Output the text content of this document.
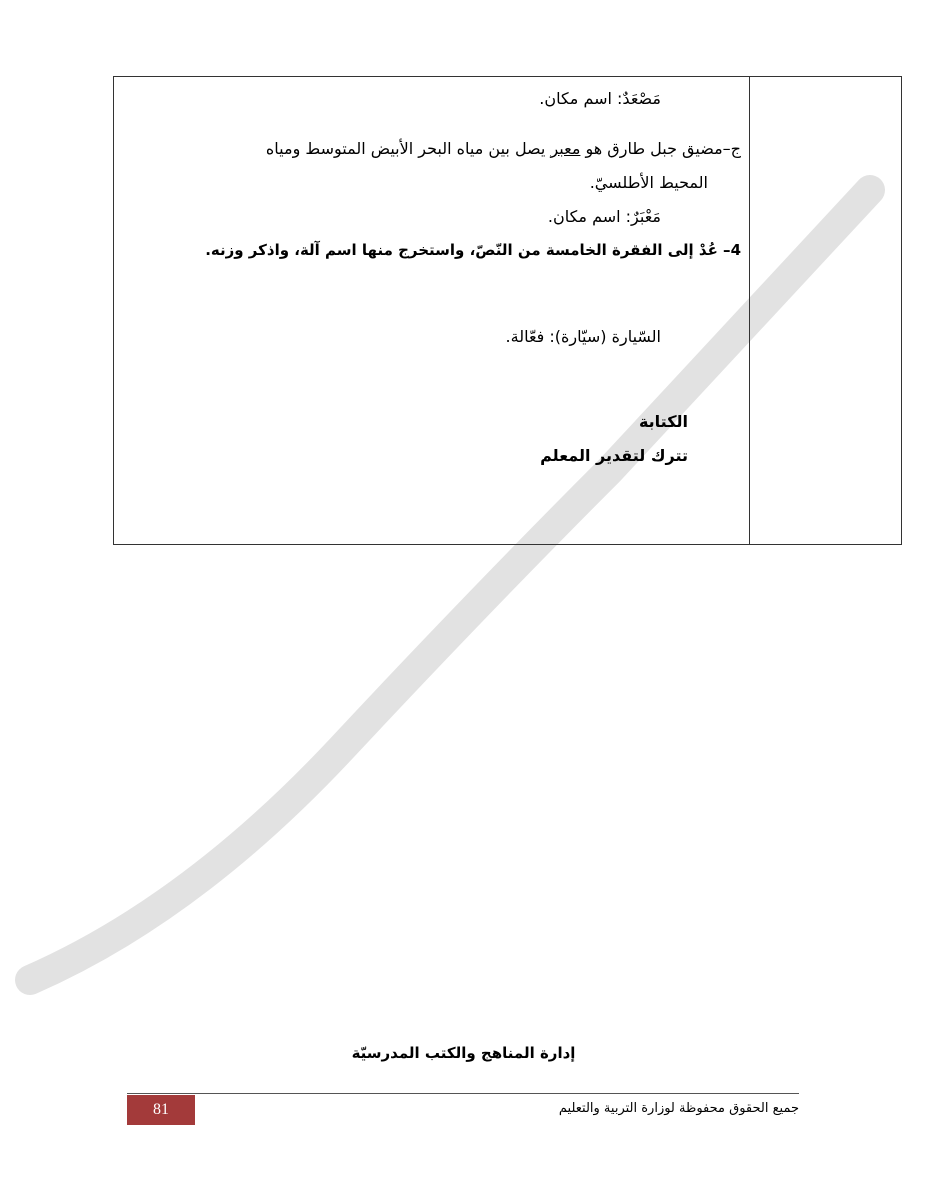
مَصْعَدٌ: اسم مكان.
ج–مضيق جبل طارق هو معبر يصل بين مياه البحر الأبيض المتوسط ومياه
المحيط الأطلسيّ.
مَعْبَرٌ: اسم مكان.
4– عُدْ إلى الفقرة الخامسة من النّصّ، واستخرج منها اسم آلة، واذكر وزنه.
السّيارة (سيّارة): فعّالة.
الكتابة
تترك لتقدير المعلم
إدارة المناهج والكتب المدرسيّة
81	جميع الحقوق محفوظة لوزارة التربية والتعليم
